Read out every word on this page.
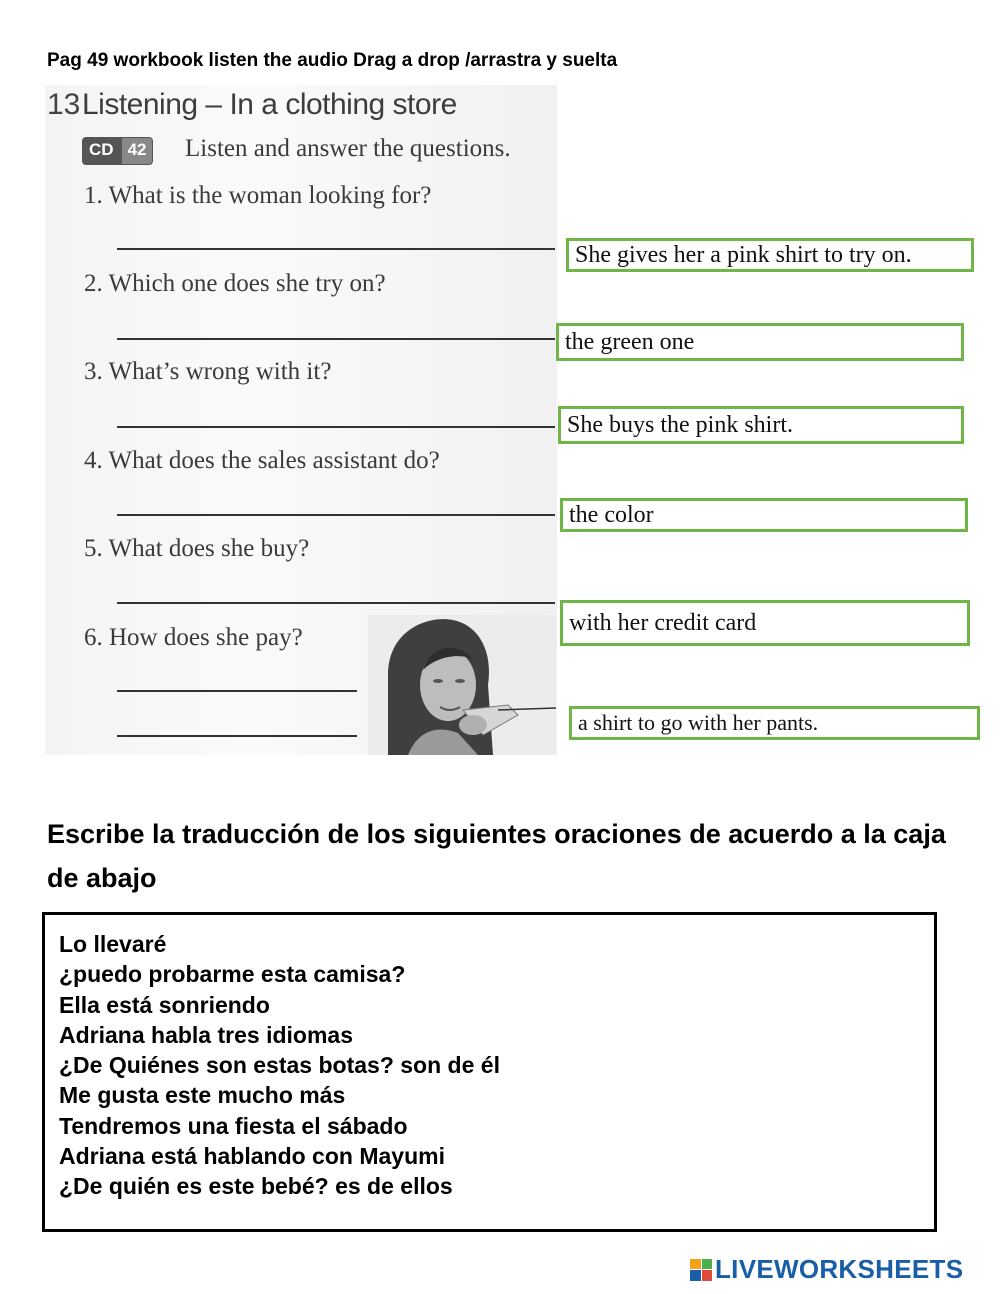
Pag 49 workbook listen the audio Drag a drop /arrastra y suelta
13 Listening – In a clothing store
CD 42 Listen and answer the questions.
1. What is the woman looking for?
2. Which one does she try on?
3. What’s wrong with it?
4. What does the sales assistant do?
5. What does she buy?
6. How does she pay?
She gives her a pink shirt to try on.
the green one
She buys the pink shirt.
the color
with her credit card
a shirt to go with her pants.
Escribe la traducción de los siguientes oraciones de acuerdo a la caja de abajo
Lo llevaré
¿puedo probarme esta camisa?
Ella está sonriendo
Adriana habla tres idiomas
¿De Quiénes son estas botas? son de él
Me gusta este mucho más
Tendremos una fiesta el sábado
Adriana está hablando con Mayumi
¿De quién es este bebé? es de ellos
LIVEWORKSHEETS
